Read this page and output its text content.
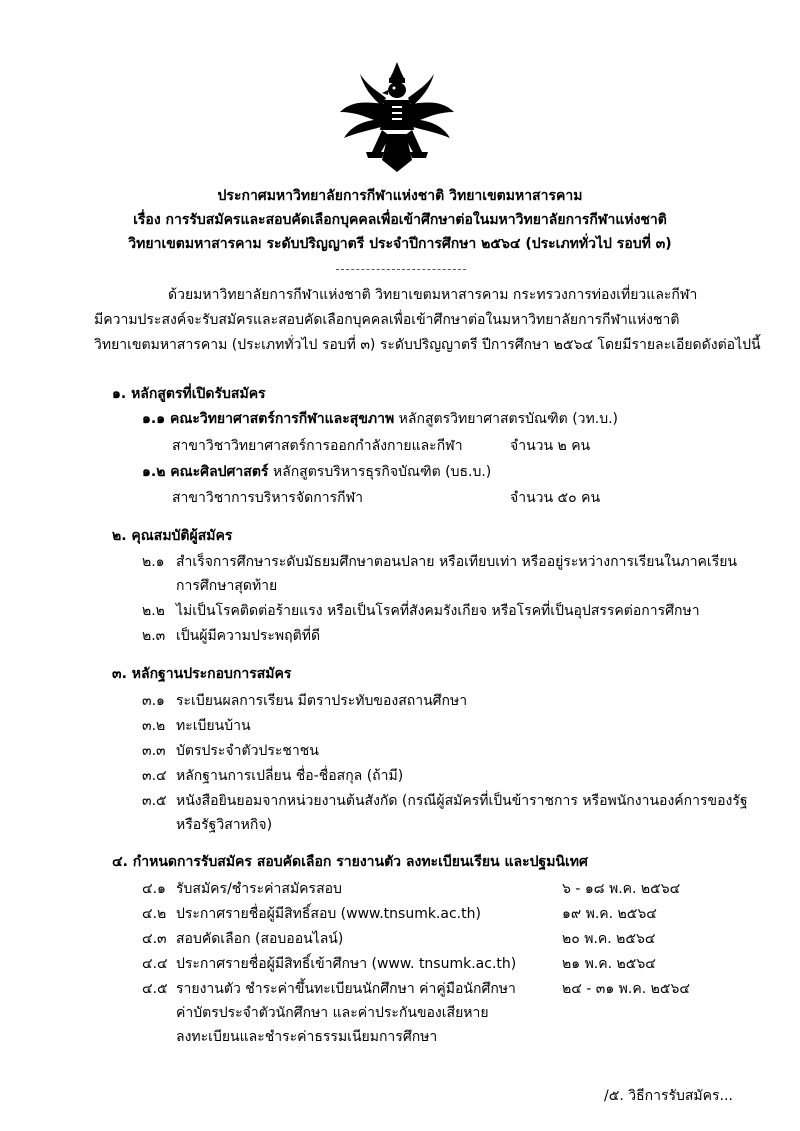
ประกาศมหาวิทยาลัยการกีฬาแห่งชาติ วิทยาเขตมหาสารคาม
เรื่อง การรับสมัครและสอบคัดเลือกบุคคลเพื่อเข้าศึกษาต่อในมหาวิทยาลัยการกีฬาแห่งชาติ
วิทยาเขตมหาสารคาม ระดับปริญญาตรี ประจำปีการศึกษา ๒๕๖๔ (ประเภททั่วไป รอบที่ ๓)
ด้วยมหาวิทยาลัยการกีฬาแห่งชาติ วิทยาเขตมหาสารคาม กระทรวงการท่องเที่ยวและกีฬา
มีความประสงค์จะรับสมัครและสอบคัดเลือกบุคคลเพื่อเข้าศึกษาต่อในมหาวิทยาลัยการกีฬาแห่งชาติ
วิทยาเขตมหาสารคาม (ประเภททั่วไป รอบที่ ๓) ระดับปริญญาตรี ปีการศึกษา ๒๕๖๔ โดยมีรายละเอียดดังต่อไปนี้
๑. หลักสูตรที่เปิดรับสมัคร
๑.๑ คณะวิทยาศาสตร์การกีฬาและสุขภาพ หลักสูตรวิทยาศาสตรบัณฑิต (วท.บ.)
สาขาวิชาวิทยาศาสตร์การออกกำลังกายและกีฬา	จำนวน ๒ คน
๑.๒ คณะศิลปศาสตร์ หลักสูตรบริหารธุรกิจบัณฑิต (บธ.บ.)
สาขาวิชาการบริหารจัดการกีฬา	จำนวน ๕๐ คน
๒. คุณสมบัติผู้สมัคร
๒.๑ สำเร็จการศึกษาระดับมัธยมศึกษาตอนปลาย หรือเทียบเท่า หรืออยู่ระหว่างการเรียนในภาคเรียน
การศึกษาสุดท้าย
๒.๒ ไม่เป็นโรคติดต่อร้ายแรง หรือเป็นโรคที่สังคมรังเกียจ หรือโรคที่เป็นอุปสรรคต่อการศึกษา
๒.๓ เป็นผู้มีความประพฤติที่ดี
๓. หลักฐานประกอบการสมัคร
๓.๑ ระเบียนผลการเรียน มีตราประทับของสถานศึกษา
๓.๒ ทะเบียนบ้าน
๓.๓ บัตรประจำตัวประชาชน
๓.๔ หลักฐานการเปลี่ยน ชื่อ-ชื่อสกุล (ถ้ามี)
๓.๕ หนังสือยินยอมจากหน่วยงานต้นสังกัด (กรณีผู้สมัครที่เป็นข้าราชการ หรือพนักงานองค์การของรัฐ
หรือรัฐวิสาหกิจ)
๔. กำหนดการรับสมัคร สอบคัดเลือก รายงานตัว ลงทะเบียนเรียน และปฐมนิเทศ
๔.๑ รับสมัคร/ชำระค่าสมัครสอบ	๖ - ๑๘ พ.ค. ๒๕๖๔
๔.๒ ประกาศรายชื่อผู้มีสิทธิ์สอบ (www.tnsumk.ac.th)	๑๙ พ.ค. ๒๕๖๔
๔.๓ สอบคัดเลือก (สอบออนไลน์)	๒๐ พ.ค. ๒๕๖๔
๔.๔ ประกาศรายชื่อผู้มีสิทธิ์เข้าศึกษา (www. tnsumk.ac.th)	๒๑ พ.ค. ๒๕๖๔
๔.๕ รายงานตัว ชำระค่าขึ้นทะเบียนนักศึกษา ค่าคู่มือนักศึกษา	๒๔ - ๓๑ พ.ค. ๒๕๖๔
ค่าบัตรประจำตัวนักศึกษา และค่าประกันของเสียหาย
ลงทะเบียนและชำระค่าธรรมเนียมการศึกษา
/๕. วิธีการรับสมัคร...
